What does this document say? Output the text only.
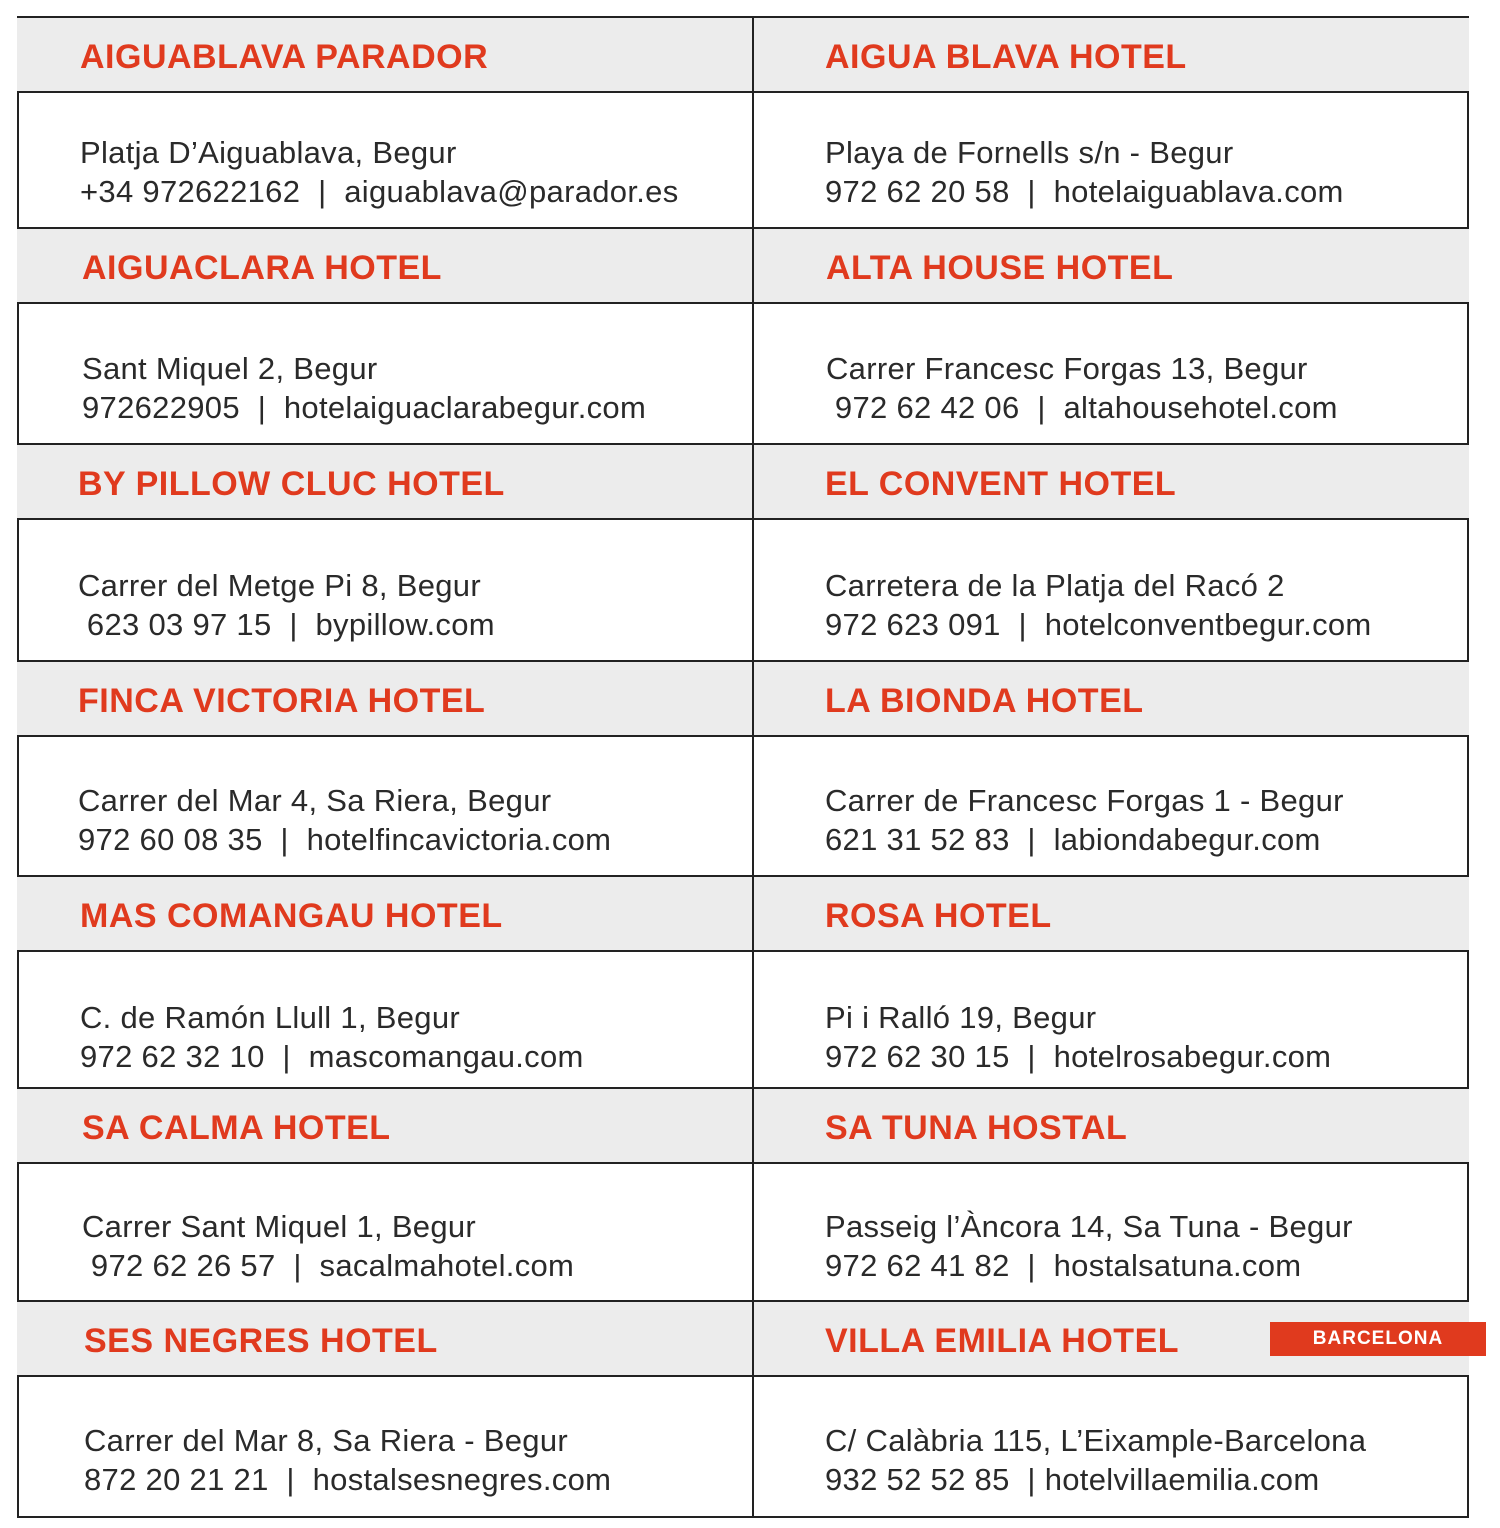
AIGUABLAVA PARADOR
Platja D’Aiguablava, Begur
+34 972622162  |  aiguablava@parador.es
AIGUA BLAVA HOTEL
Playa de Fornells s/n - Begur
972 62 20 58  |  hotelaiguablava.com
AIGUACLARA HOTEL
Sant Miquel 2, Begur
972622905  |  hotelaiguaclarabegur.com
ALTA HOUSE HOTEL
Carrer Francesc Forgas 13, Begur
972 62 42 06  |  altahousehotel.com
BY PILLOW CLUC HOTEL
Carrer del Metge Pi 8, Begur
623 03 97 15  |  bypillow.com
EL CONVENT HOTEL
Carretera de la Platja del Racó 2
972 623 091  |  hotelconventbegur.com
FINCA VICTORIA HOTEL
Carrer del Mar 4, Sa Riera, Begur
972 60 08 35  |  hotelfincavictoria.com
LA BIONDA HOTEL
Carrer de Francesc Forgas 1 - Begur
621 31 52 83  |  labiondabegur.com
MAS COMANGAU HOTEL
C. de Ramón Llull 1, Begur
972 62 32 10  |  mascomangau.com
ROSA HOTEL
Pi i Ralló 19, Begur
972 62 30 15  |  hotelrosabegur.com
SA CALMA HOTEL
Carrer Sant Miquel 1, Begur
972 62 26 57  |  sacalmahotel.com
SA TUNA HOSTAL
Passeig l’Àncora 14, Sa Tuna - Begur
972 62 41 82  |  hostalsatuna.com
SES NEGRES HOTEL
Carrer del Mar 8, Sa Riera - Begur
872 20 21 21  |  hostalsesnegres.com
VILLA EMILIA HOTEL
C/ Calàbria 115, L’Eixample-Barcelona
932 52 52 85  | hotelvillaemilia.com
BARCELONA
